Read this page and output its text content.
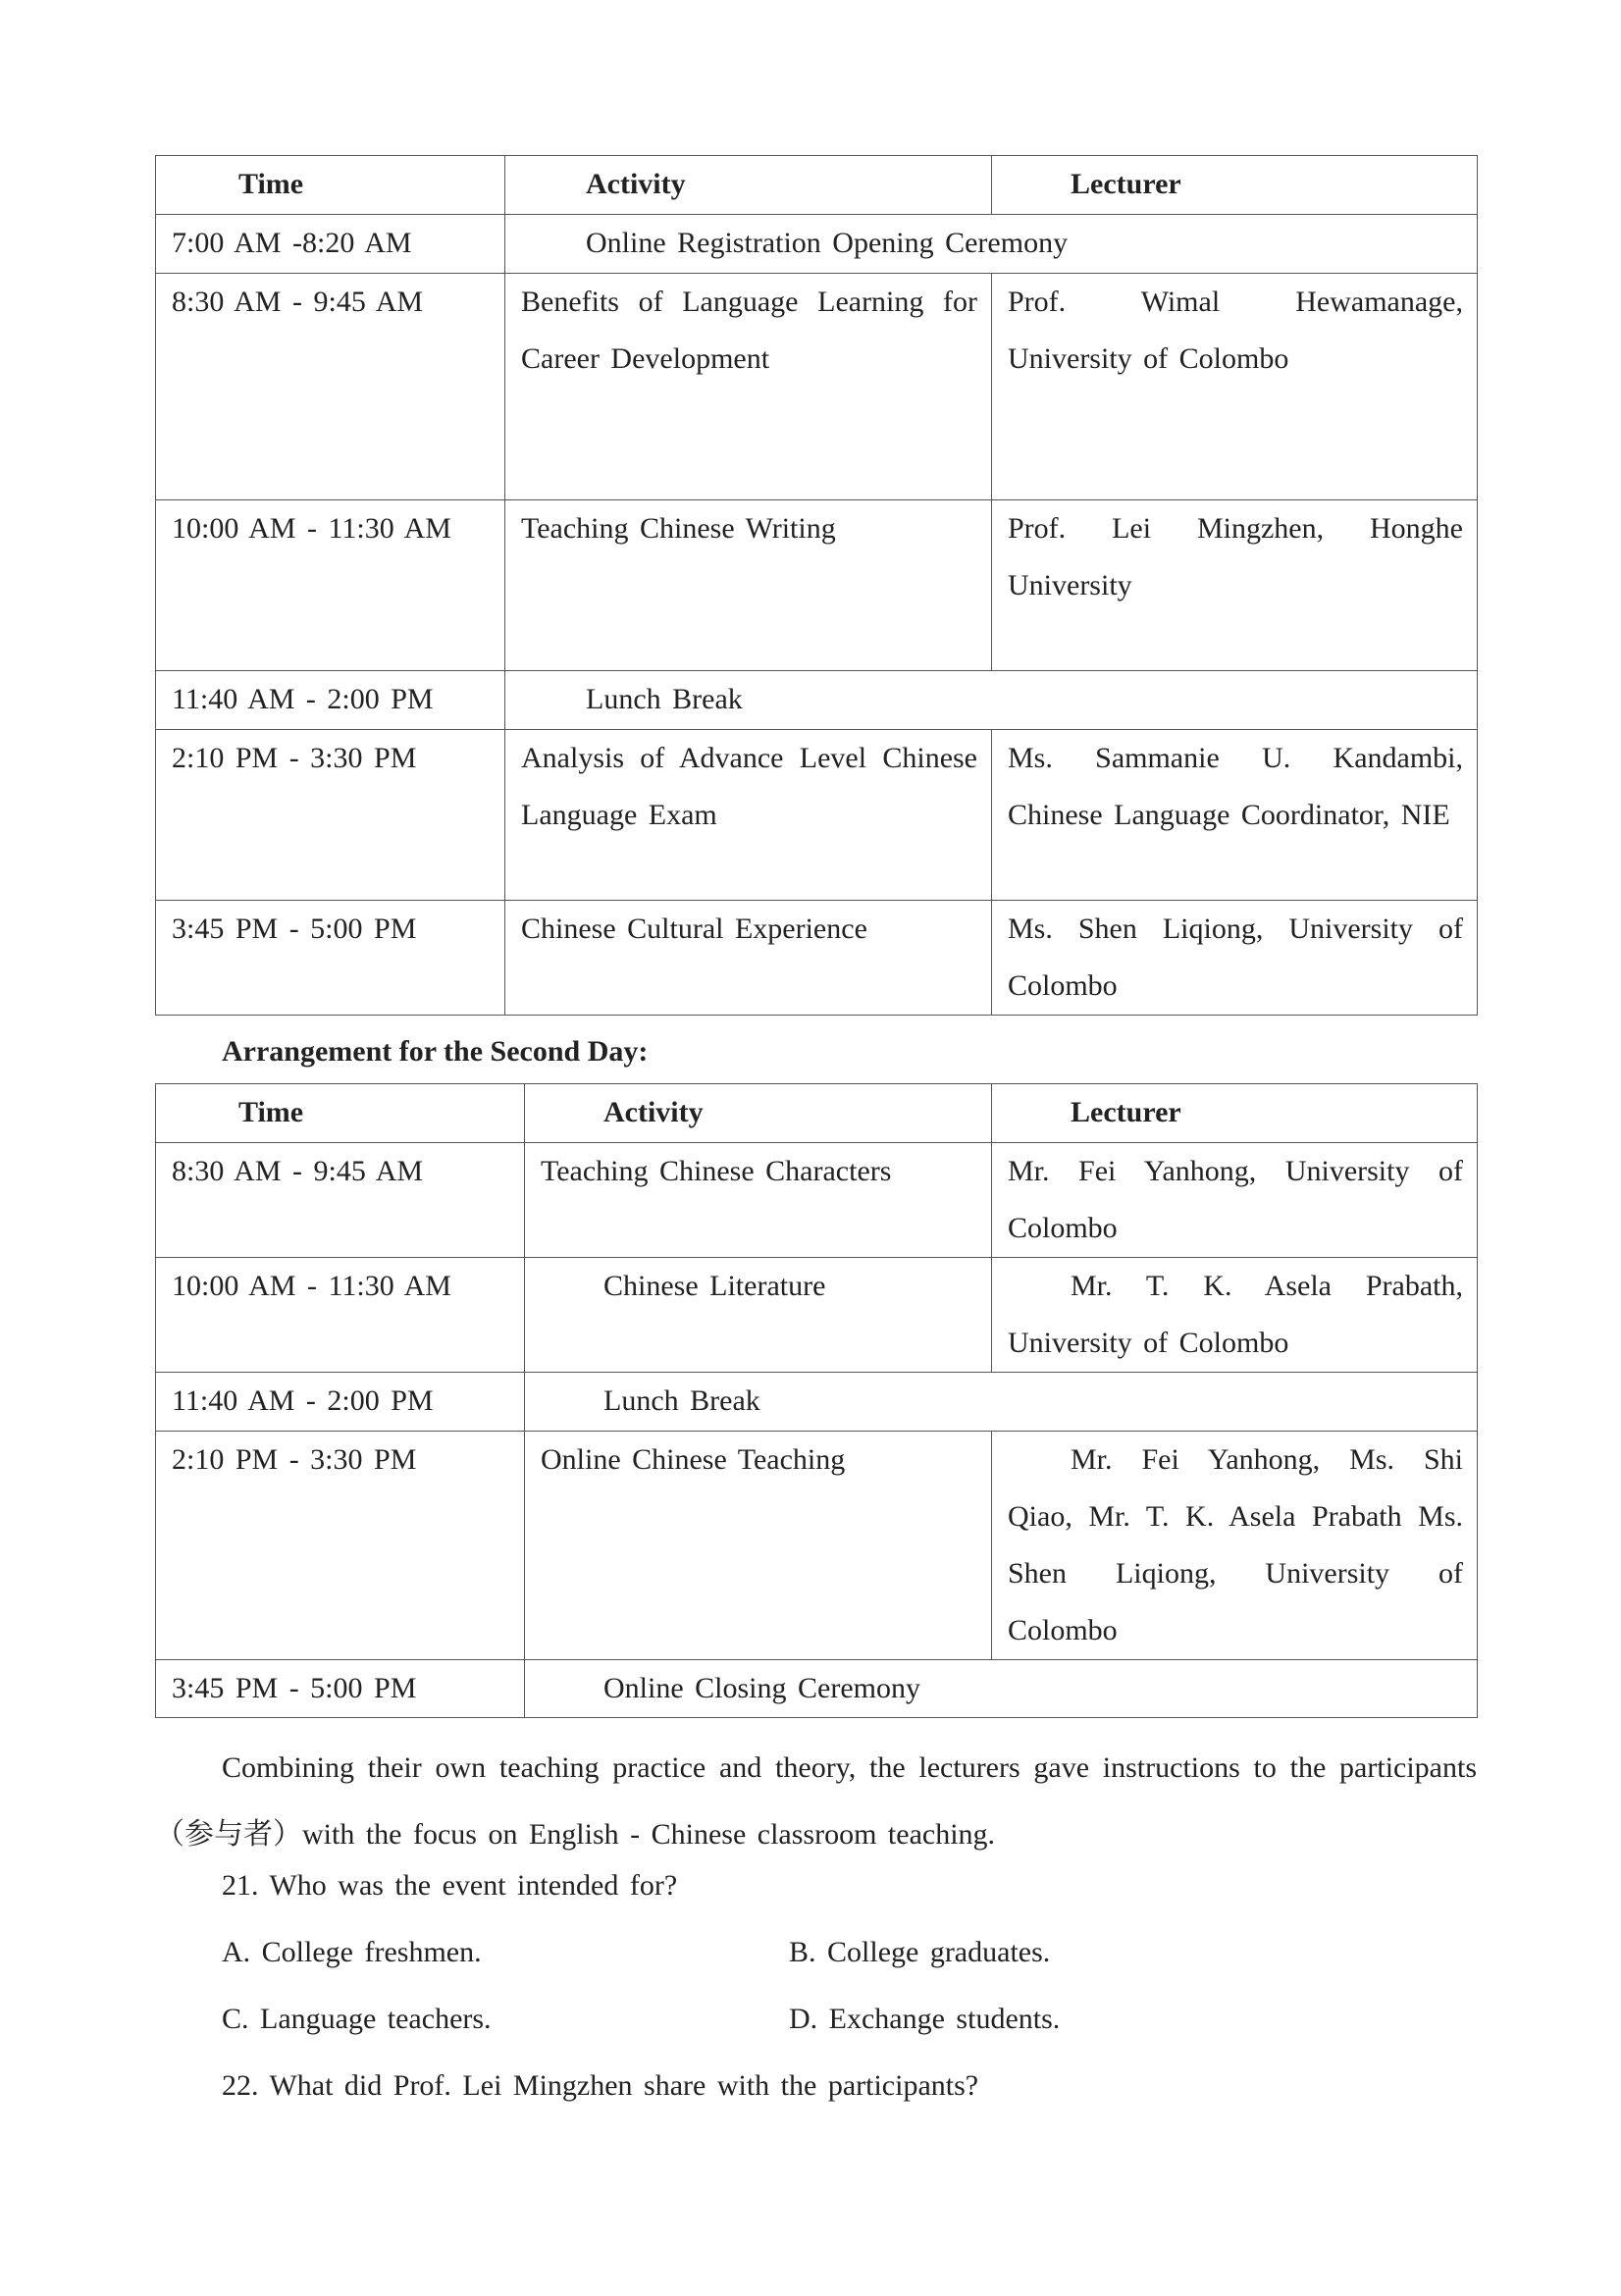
Time	Activity	Lecturer

7:00 AM -8:20 AM	Online Registration Opening Ceremony	

8:30 AM - 9:45 AM	Benefits of Language Learning for Career Development	Prof. Wimal Hewamanage, University of Colombo

10:00 AM - 11:30 AM	Teaching Chinese Writing	Prof. Lei Mingzhen, Honghe University

11:40 AM - 2:00 PM	Lunch Break	

2:10 PM - 3:30 PM	Analysis of Advance Level Chinese Language Exam	Ms. Sammanie U. Kandambi, Chinese Language Coordinator, NIE

3:45 PM - 5:00 PM	Chinese Cultural Experience	Ms. Shen Liqiong, University of Colombo
Arrangement for the Second Day:
Time	Activity	Lecturer

8:30 AM - 9:45 AM	Teaching Chinese Characters	Mr. Fei Yanhong, University of Colombo

10:00 AM - 11:30 AM	Chinese Literature	Mr. T. K. Asela Prabath, University of Colombo

11:40 AM - 2:00 PM	Lunch Break	

2:10 PM - 3:30 PM	Online Chinese Teaching	Mr. Fei Yanhong, Ms. Shi Qiao, Mr. T. K. Asela Prabath Ms. Shen Liqiong, University of Colombo

3:45 PM - 5:00 PM	Online Closing Ceremony	
Combining their own teaching practice and theory, the lecturers gave instructions to the participants （参与者）with the focus on English - Chinese classroom teaching.
21. Who was the event intended for?
A. College freshmen.	B. College graduates.
C. Language teachers.	D. Exchange students.
22. What did Prof. Lei Mingzhen share with the participants?
